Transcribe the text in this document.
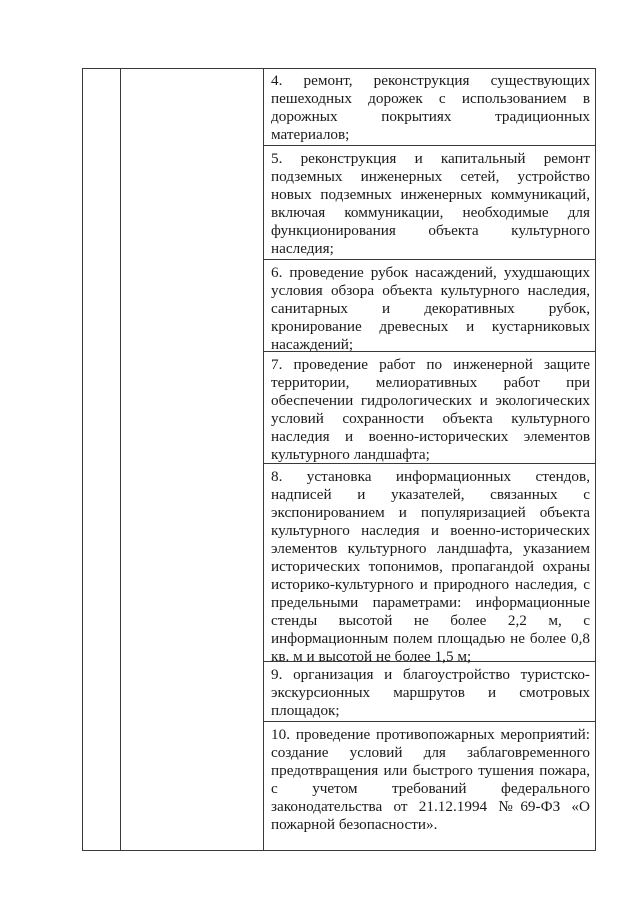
4. ремонт, реконструкция существующих
пешеходных дорожек с использованием в
дорожных покрытиях традиционных
материалов;
5. реконструкция и капитальный ремонт
подземных инженерных сетей, устройство
новых подземных инженерных коммуникаций,
включая коммуникации, необходимые для
функционирования объекта культурного
наследия;
6. проведение рубок насаждений, ухудшающих
условия обзора объекта культурного наследия,
санитарных и декоративных рубок,
кронирование древесных и кустарниковых
насаждений;
7. проведение работ по инженерной защите
территории, мелиоративных работ при
обеспечении гидрологических и экологических
условий сохранности объекта культурного
наследия и военно-исторических элементов
культурного ландшафта;
8. установка информационных стендов,
надписей и указателей, связанных с
экспонированием и популяризацией объекта
культурного наследия и военно-исторических
элементов культурного ландшафта, указанием
исторических топонимов, пропагандой охраны
историко-культурного и природного наследия, с
предельными параметрами: информационные
стенды высотой не более 2,2 м, с
информационным полем площадью не более 0,8
кв. м и высотой не более 1,5 м;
9. организация и благоустройство туристско-
экскурсионных маршрутов и смотровых
площадок;
10. проведение противопожарных мероприятий:
создание условий для заблаговременного
предотвращения или быстрого тушения пожара,
с учетом требований федерального
законодательства от 21.12.1994 №69-ФЗ «О
пожарной безопасности».
